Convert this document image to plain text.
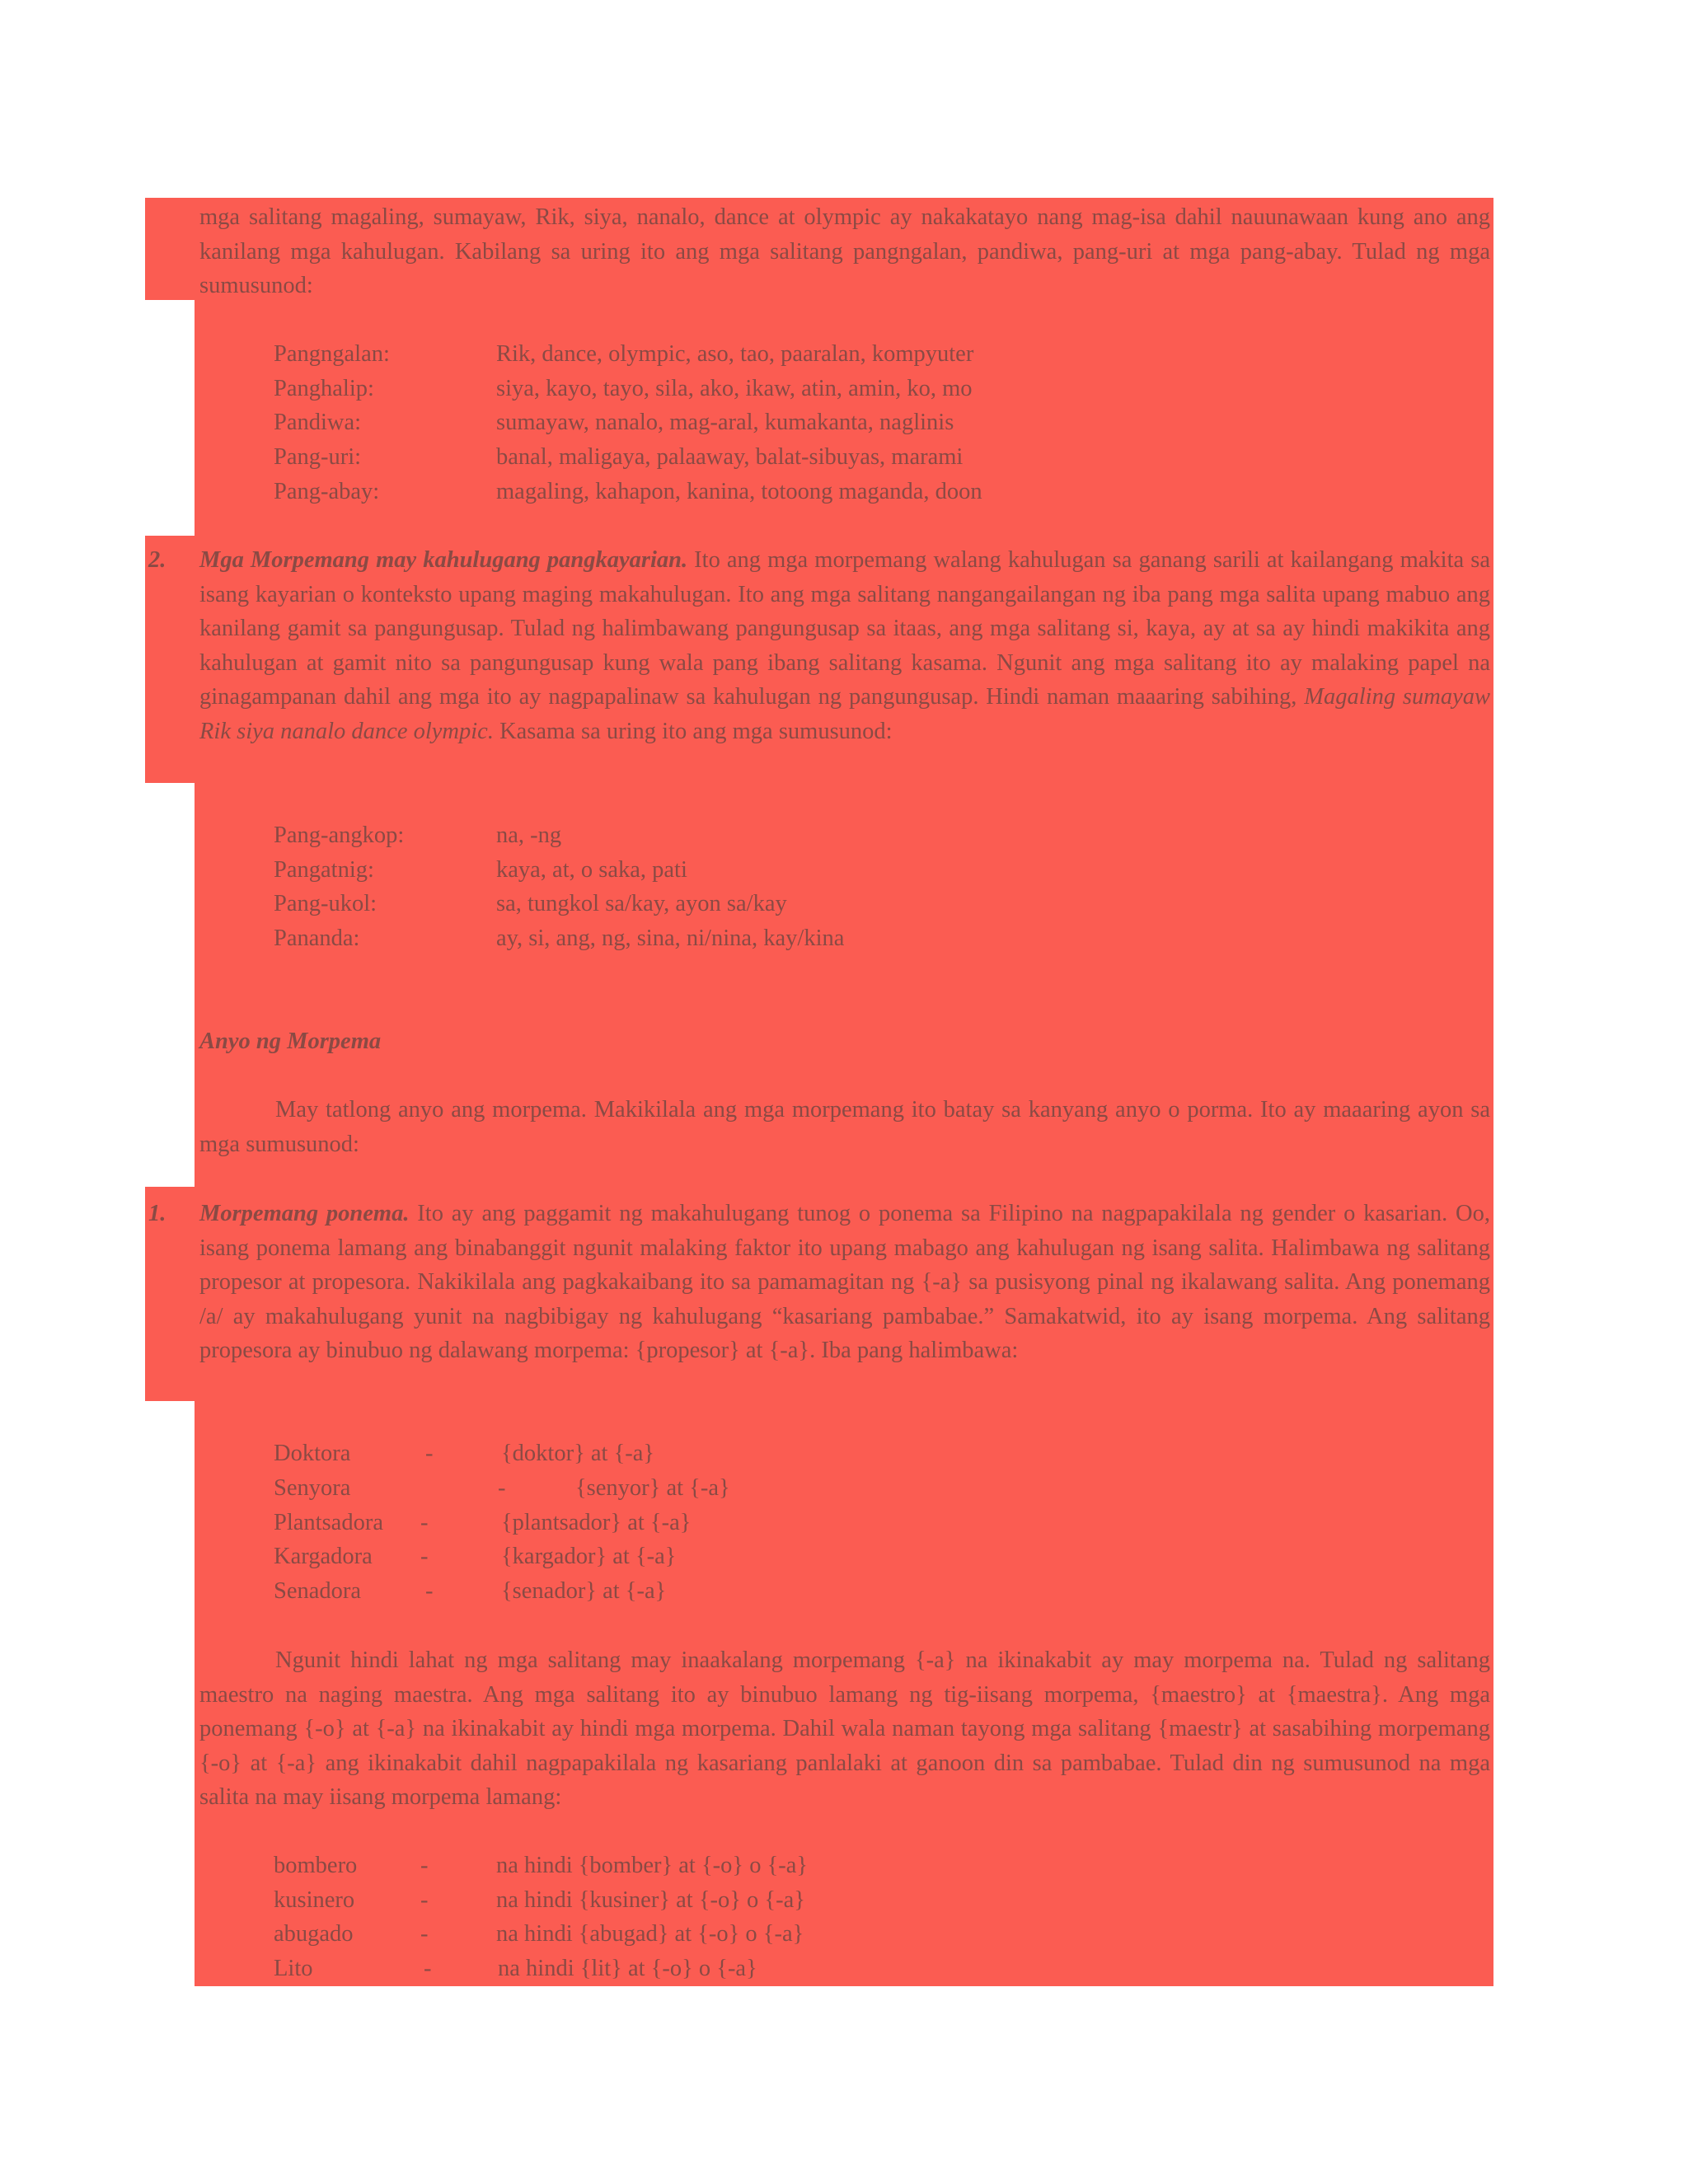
mga salitang magaling, sumayaw, Rik, siya, nanalo, dance at olympic ay nakakatayo nang mag-isa dahil nauunawaan kung ano ang kanilang mga kahulugan. Kabilang sa uring ito ang mga salitang pangngalan, pandiwa, pang-uri at mga pang-abay. Tulad ng mga sumusunod:

Pangngalan:	Rik, dance, olympic, aso, tao, paaralan, kompyuter
Panghalip:	siya, kayo, tayo, sila, ako, ikaw, atin, amin, ko, mo
Pandiwa:	sumayaw, nanalo, mag-aral, kumakanta, naglinis
Pang-uri:	banal, maligaya, palaaway, balat-sibuyas, marami
Pang-abay:	magaling, kahapon, kanina, totoong maganda, doon
2. Mga Morpemang may kahulugang pangkayarian. Ito ang mga morpemang walang kahulugan sa ganang sarili at kailangang makita sa isang kayarian o konteksto upang maging makahulugan. Ito ang mga salitang nangangailangan ng iba pang mga salita upang mabuo ang kanilang gamit sa pangungusap. Tulad ng halimbawang pangungusap sa itaas, ang mga salitang si, kaya, ay at sa ay hindi makikita ang kahulugan at gamit nito sa pangungusap kung wala pang ibang salitang kasama. Ngunit ang mga salitang ito ay malaking papel na ginagampanan dahil ang mga ito ay nagpapalinaw sa kahulugan ng pangungusap. Hindi naman maaaring sabihing, Magaling sumayaw Rik siya nanalo dance olympic. Kasama sa uring ito ang mga sumusunod:

Pang-angkop:	na, -ng
Pangatnig:	kaya, at, o saka, pati
Pang-ukol:	sa, tungkol sa/kay, ayon sa/kay
Pananda:	ay, si, ang, ng, sina, ni/nina, kay/kina

Anyo ng Morpema

May tatlong anyo ang morpema. Makikilala ang mga morpemang ito batay sa kanyang anyo o porma. Ito ay maaaring ayon sa mga sumusunod:

1. Morpemang ponema. Ito ay ang paggamit ng makahulugang tunog o ponema sa Filipino na nagpapakilala ng gender o kasarian. Oo, isang ponema lamang ang binabanggit ngunit malaking faktor ito upang mabago ang kahulugan ng isang salita. Halimbawa ng salitang propesor at propesora. Nakikilala ang pagkakaibang ito sa pamamagitan ng {-a} sa pusisyong pinal ng ikalawang salita. Ang ponemang /a/ ay makahulugang yunit na nagbibigay ng kahulugang “kasariang pambabae.” Samakatwid, ito ay isang morpema. Ang salitang propesora ay binubuo ng dalawang morpema: {propesor} at {-a}. Iba pang halimbawa:

Doktora	-	{doktor} at {-a}
Senyora	-	{senyor} at {-a}
Plantsadora -	{plantsador} at {-a}
Kargadora -	{kargador} at {-a}
Senadora	-	{senador} at {-a}

Ngunit hindi lahat ng mga salitang may inaakalang morpemang {-a} na ikinakabit ay may morpema na. Tulad ng salitang maestro na naging maestra. Ang mga salitang ito ay binubuo lamang ng tig-iisang morpema, {maestro} at {maestra}. Ang mga ponemang {-o} at {-a} na ikinakabit ay hindi mga morpema. Dahil wala naman tayong mga salitang {maestr} at sasabihing morpemang {-o} at {-a} ang ikinakabit dahil nagpapakilala ng kasariang panlalaki at ganoon din sa pambabae. Tulad din ng sumusunod na mga salita na may iisang morpema lamang:

bombero	-	na hindi {bomber} at {-o} o {-a}
kusinero	-	na hindi {kusiner} at {-o} o {-a}
abugado	-	na hindi {abugad} at {-o} o {-a}
Lito	-	na hindi {lit} at {-o} o {-a}
